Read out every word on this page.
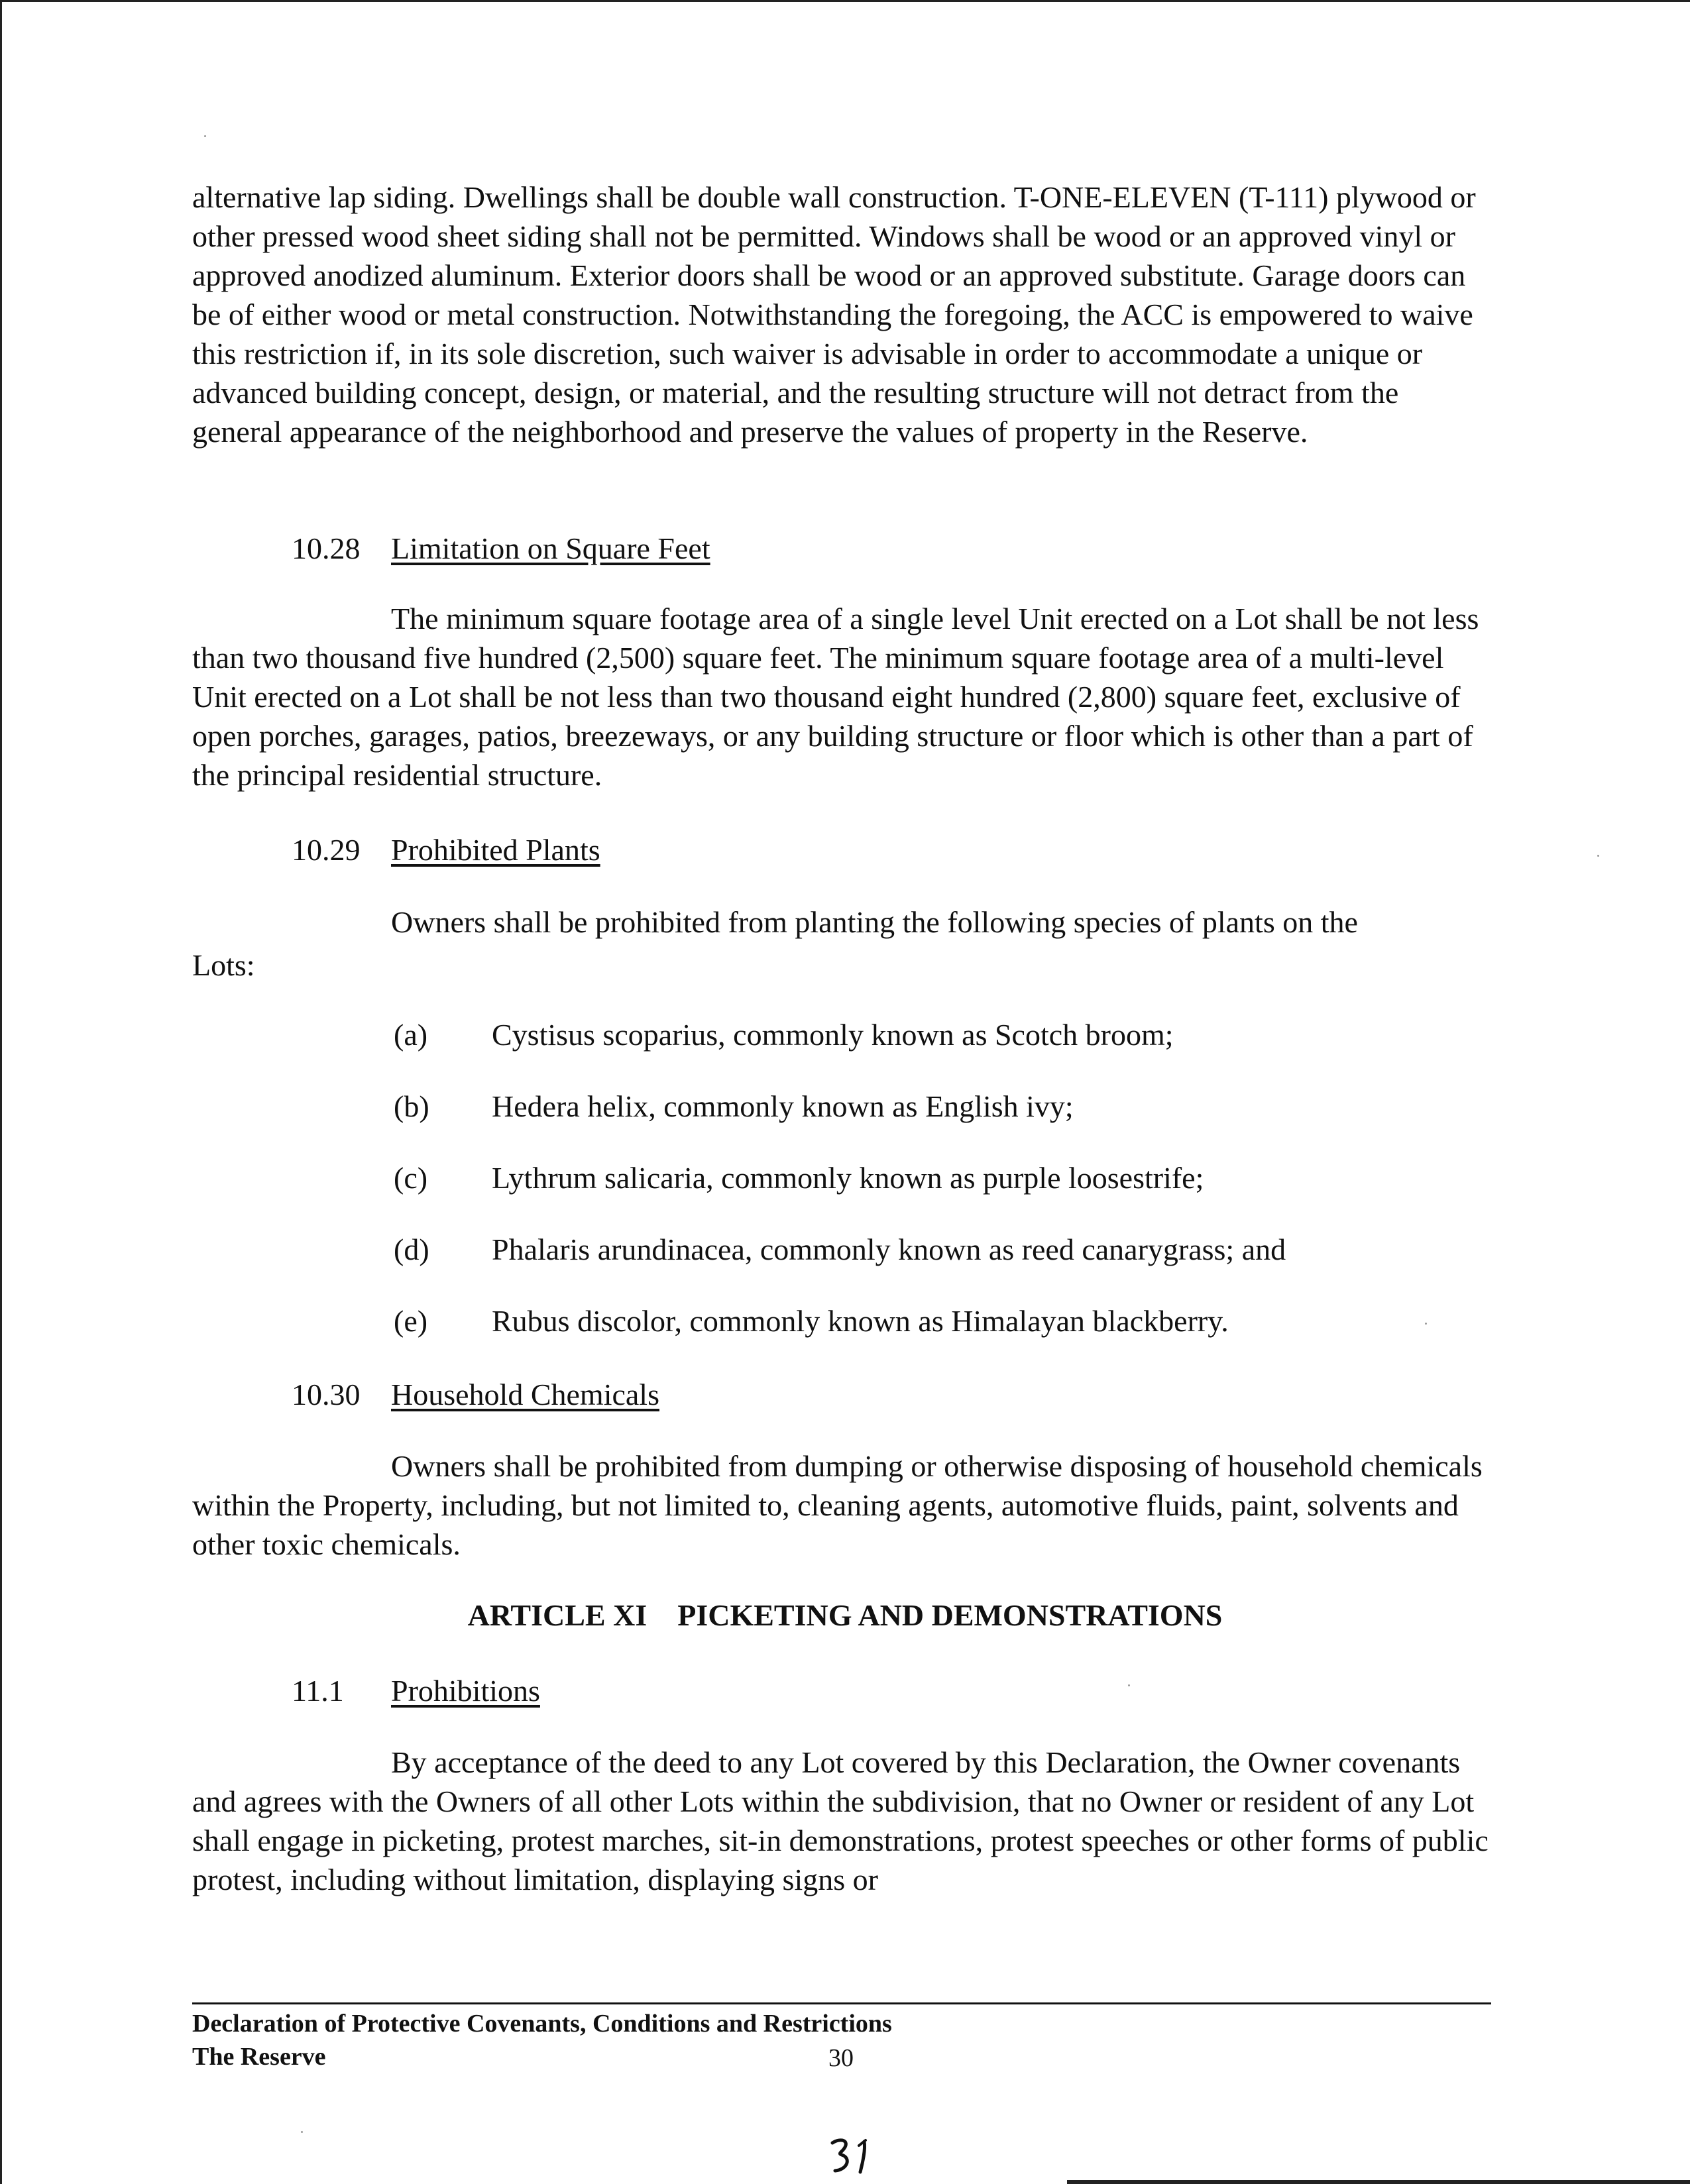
alternative lap siding. Dwellings shall be double wall construction. T-ONE-ELEVEN (T-111) plywood or other pressed wood sheet siding shall not be permitted. Windows shall be wood or an approved vinyl or approved anodized aluminum. Exterior doors shall be wood or an approved substitute. Garage doors can be of either wood or metal construction. Notwithstanding the foregoing, the ACC is empowered to waive this restriction if, in its sole discretion, such waiver is advisable in order to accommodate a unique or advanced building concept, design, or material, and the resulting structure will not detract from the general appearance of the neighborhood and preserve the values of property in the Reserve.
10.28 Limitation on Square Feet
The minimum square footage area of a single level Unit erected on a Lot shall be not less than two thousand five hundred (2,500) square feet. The minimum square footage area of a multi-level Unit erected on a Lot shall be not less than two thousand eight hundred (2,800) square feet, exclusive of open porches, garages, patios, breezeways, or any building structure or floor which is other than a part of the principal residential structure.
10.29 Prohibited Plants
Owners shall be prohibited from planting the following species of plants on the
Lots:
(a) Cystisus scoparius, commonly known as Scotch broom;
(b) Hedera helix, commonly known as English ivy;
(c) Lythrum salicaria, commonly known as purple loosestrife;
(d) Phalaris arundinacea, commonly known as reed canarygrass; and
(e) Rubus discolor, commonly known as Himalayan blackberry.
10.30 Household Chemicals
Owners shall be prohibited from dumping or otherwise disposing of household chemicals within the Property, including, but not limited to, cleaning agents, automotive fluids, paint, solvents and other toxic chemicals.
ARTICLE XI    PICKETING AND DEMONSTRATIONS
11.1 Prohibitions
By acceptance of the deed to any Lot covered by this Declaration, the Owner covenants and agrees with the Owners of all other Lots within the subdivision, that no Owner or resident of any Lot shall engage in picketing, protest marches, sit-in demonstrations, protest speeches or other forms of public protest, including without limitation, displaying signs or
Declaration of Protective Covenants, Conditions and Restrictions
The Reserve	30
